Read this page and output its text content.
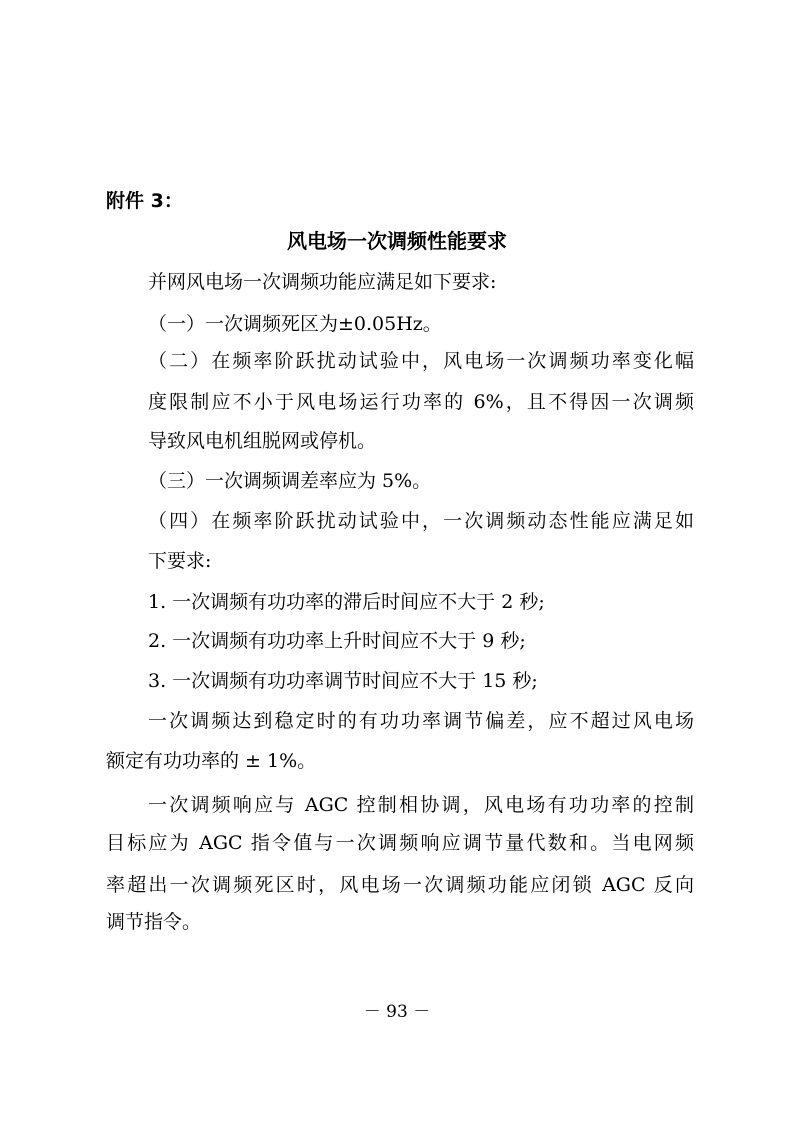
附件 3：
风电场一次调频性能要求
并网风电场一次调频功能应满足如下要求:
（一）一次调频死区为±0.05Hz。
（二）在频率阶跃扰动试验中，风电场一次调频功率变化幅
度限制应不小于风电场运行功率的 6%，且不得因一次调频
导致风电机组脱网或停机。
（三）一次调频调差率应为 5%。
（四）在频率阶跃扰动试验中，一次调频动态性能应满足如
下要求:
1. 一次调频有功功率的滞后时间应不大于 2 秒;
2. 一次调频有功功率上升时间应不大于 9 秒;
3. 一次调频有功功率调节时间应不大于 15 秒;
一次调频达到稳定时的有功功率调节偏差，应不超过风电场
额定有功功率的 ± 1%。
一次调频响应与 AGC 控制相协调，风电场有功功率的控制
目标应为 AGC 指令值与一次调频响应调节量代数和。当电网频
率超出一次调频死区时，风电场一次调频功能应闭锁 AGC 反向
调节指令。
－ 93 －
